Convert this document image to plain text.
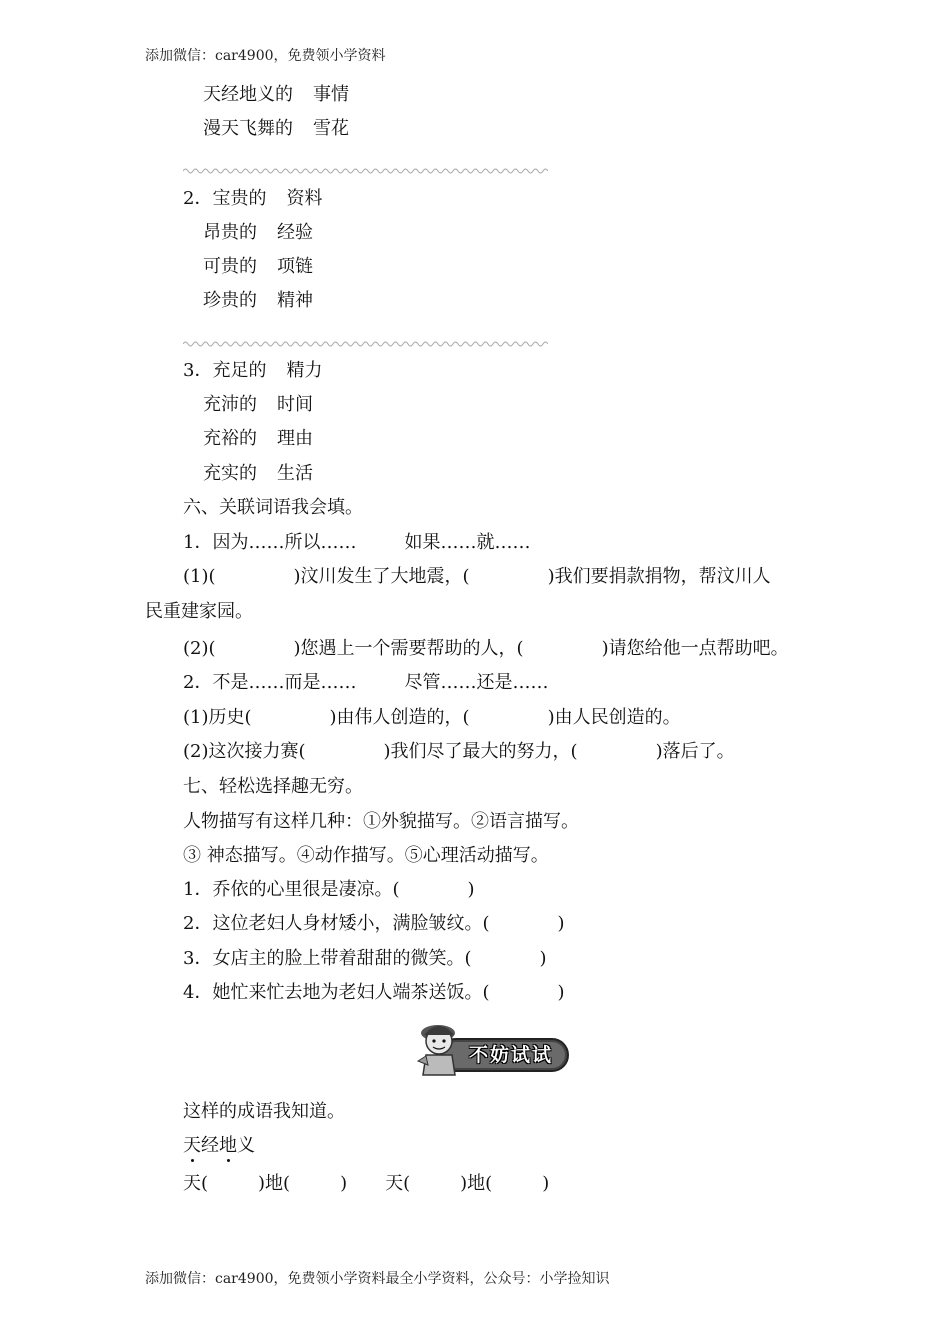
添加微信：car4900，免费领小学资料
天经地义的 事情
漫天飞舞的 雪花
2．宝贵的 资料
昂贵的 经验
可贵的 项链
珍贵的 精神
3．充足的 精力
充沛的 时间
充裕的 理由
充实的 生活
六、关联词语我会填。
1．因为……所以……	如果……就……
(1)(	)汶川发生了大地震，(	)我们要捐款捐物，帮汶川人
民重建家园。
(2)(	)您遇上一个需要帮助的人，(	)请您给他一点帮助吧。
2．不是……而是……	尽管……还是……
(1)历史(	)由伟人创造的，(	)由人民创造的。
(2)这次接力赛(	)我们尽了最大的努力，(	)落后了。
七、轻松选择趣无穷。
人物描写有这样几种：①外貌描写。②语言描写。
③ 神态描写。④动作描写。⑤心理活动描写。
1．乔依的心里很是凄凉。(	)
2．这位老妇人身材矮小，满脸皱纹。(	)
3．女店主的脸上带着甜甜的微笑。(	)
4．她忙来忙去地为老妇人端茶送饭。(	)
不妨试试
这样的成语我知道。
天经地义
天(	)地(	) 天(	)地(	)
添加微信：car4900，免费领小学资料最全小学资料，公众号：小学捡知识
